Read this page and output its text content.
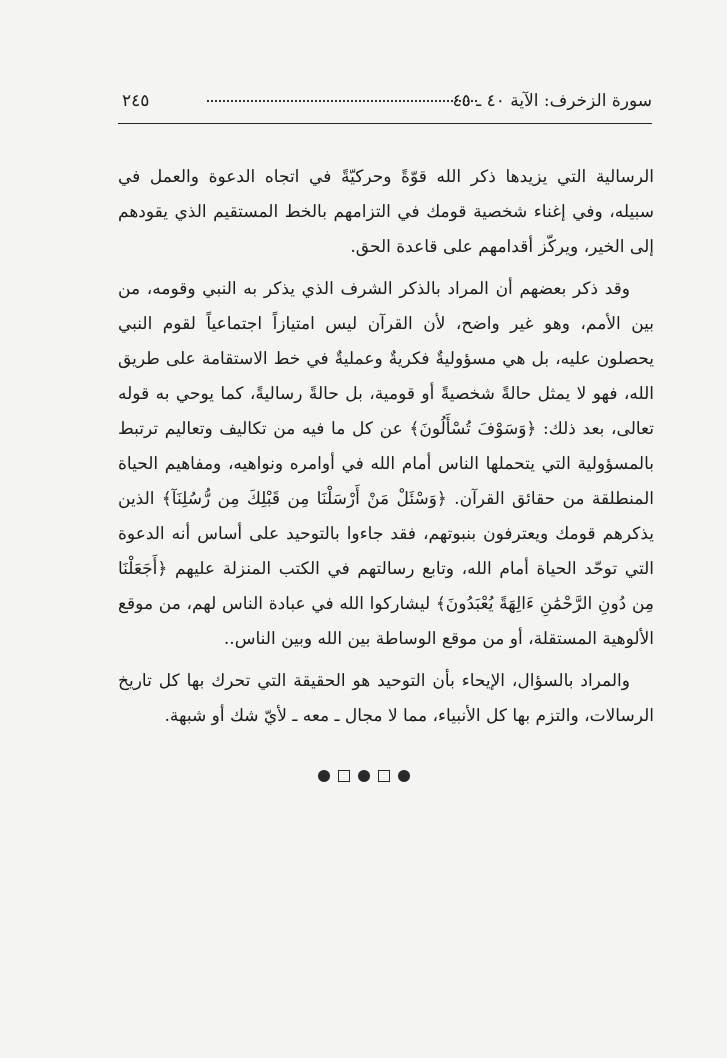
سورة الزخرف: الآية ٤٠ ـ ٤٥
٢٤٥

الرسالية التي يزيدها ذكر الله قوّةً وحركيّةً في اتجاه الدعوة والعمل في سبيله، وفي إغناء شخصية قومك في التزامهم بالخط المستقيم الذي يقودهم إلى الخير، ويركّز أقدامهم على قاعدة الحق.

وقد ذكر بعضهم أن المراد بالذكر الشرف الذي يذكر به النبي وقومه، من بين الأمم، وهو غير واضح، لأن القرآن ليس امتيازاً اجتماعياً لقوم النبي يحصلون عليه، بل هي مسؤوليةٌ فكريةٌ وعمليةٌ في خط الاستقامة على طريق الله، فهو لا يمثل حالةً شخصيةً أو قومية، بل حالةً رساليةً، كما يوحي به قوله تعالى، بعد ذلك: ﴿وَسَوْفَ تُسْأَلُونَ﴾ عن كل ما فيه من تكاليف وتعاليم ترتبط بالمسؤولية التي يتحملها الناس أمام الله في أوامره ونواهيه، ومفاهيم الحياة المنطلقة من حقائق القرآن. ﴿وَسْئَلْ مَنْ أَرْسَلْنَا مِن قَبْلِكَ مِن رُّسُلِنَآ﴾ الذين يذكرهم قومك ويعترفون بنبوتهم، فقد جاءوا بالتوحيد على أساس أنه الدعوة التي توحّد الحياة أمام الله، وتابع رسالتهم في الكتب المنزلة عليهم ﴿أَجَعَلْنَا مِن دُونِ الرَّحْمَٰنِ ءَالِهَةً يُعْبَدُونَ﴾ ليشاركوا الله في عبادة الناس لهم، من موقع الألوهية المستقلة، أو من موقع الوساطة بين الله وبين الناس..

والمراد بالسؤال، الإيحاء بأن التوحيد هو الحقيقة التي تحرك بها كل تاريخ الرسالات، والتزم بها كل الأنبياء، مما لا مجال ـ معه ـ لأيّ شك أو شبهة.
